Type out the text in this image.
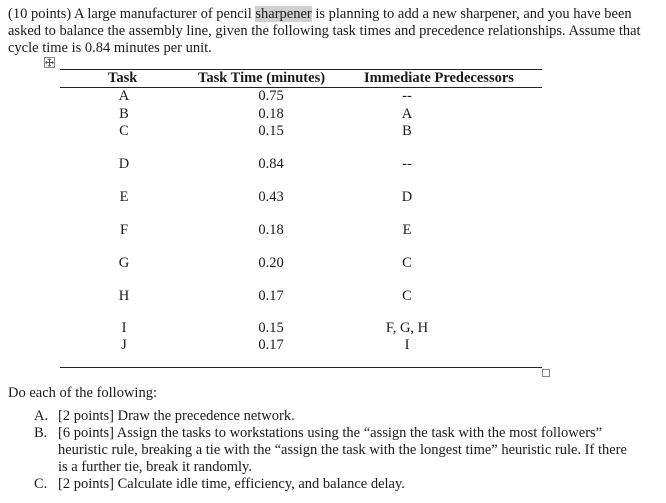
(10 points) A large manufacturer of pencil sharpener is planning to add a new sharpener, and you have been asked to balance the assembly line, given the following task times and precedence relationships. Assume that cycle time is 0.84 minutes per unit.
Task	Task Time (minutes)	Immediate Predecessors
A	0.75	--
B	0.18	A
C	0.15	B
D	0.84	--
E	0.43	D
F	0.18	E
G	0.20	C
H	0.17	C
I	0.15	F, G, H
J	0.17	I
Do each of the following:
A. [2 points] Draw the precedence network.
B. [6 points] Assign the tasks to workstations using the “assign the task with the most followers” heuristic rule, breaking a tie with the “assign the task with the longest time” heuristic rule. If there is a further tie, break it randomly.
C. [2 points] Calculate idle time, efficiency, and balance delay.
